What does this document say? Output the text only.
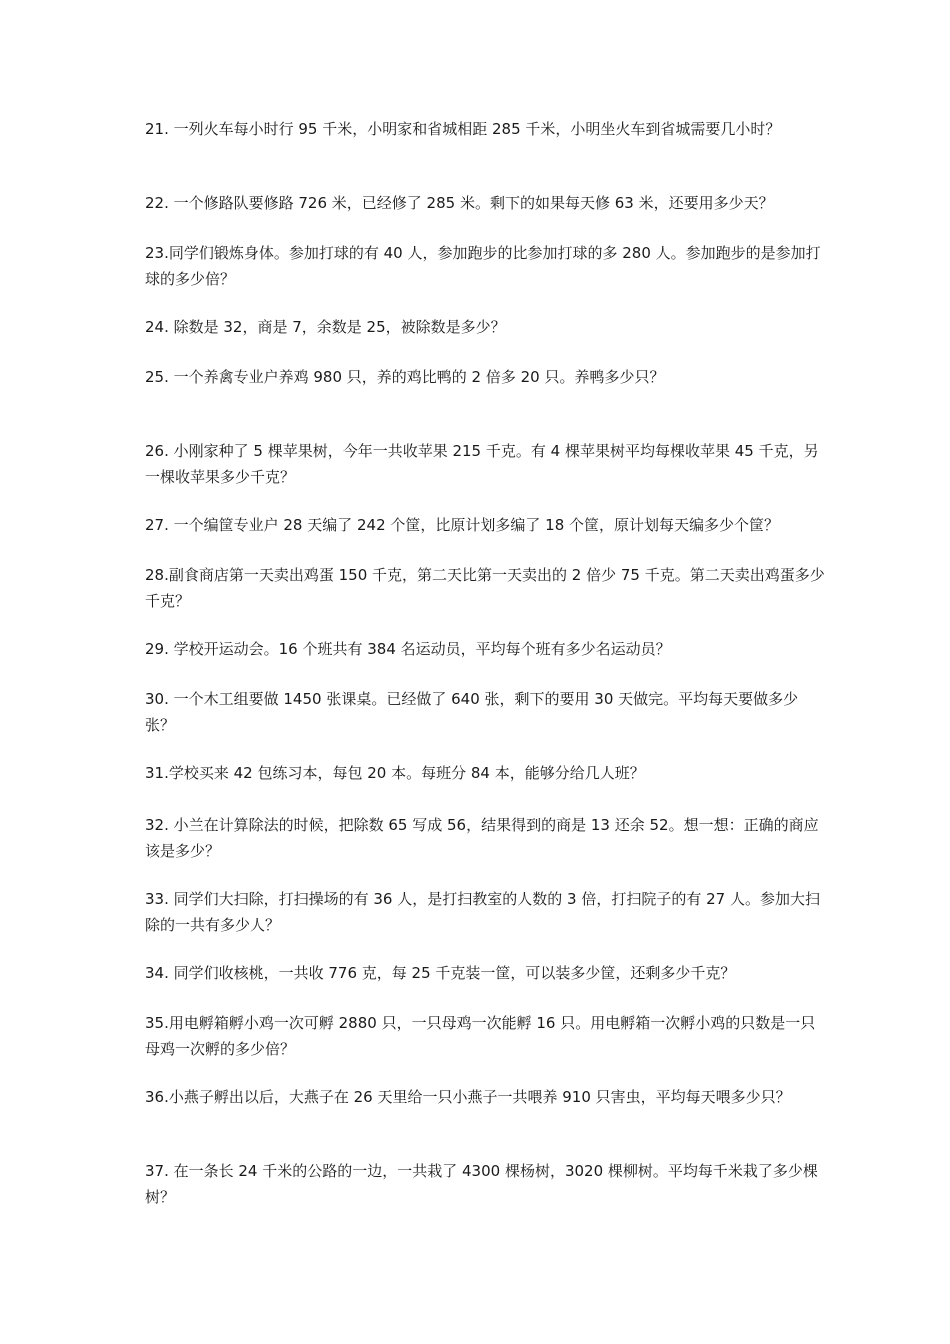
21. 一列火车每小时行 95 千米，小明家和省城相距 285 千米，小明坐火车到省城需要几小时？

22. 一个修路队要修路 726 米，已经修了 285 米。剩下的如果每天修 63 米，还要用多少天？

23.同学们锻炼身体。参加打球的有 40 人，参加跑步的比参加打球的多 280 人。参加跑步的是参加打球的多少倍？

24. 除数是 32，商是 7，余数是 25，被除数是多少？

25. 一个养禽专业户养鸡 980 只，养的鸡比鸭的 2 倍多 20 只。养鸭多少只？

26. 小刚家种了 5 棵苹果树，今年一共收苹果 215 千克。有 4 棵苹果树平均每棵收苹果 45 千克，另一棵收苹果多少千克？

27. 一个编筐专业户 28 天编了 242 个筐，比原计划多编了 18 个筐，原计划每天编多少个筐？

28.副食商店第一天卖出鸡蛋 150 千克，第二天比第一天卖出的 2 倍少 75 千克。第二天卖出鸡蛋多少千克？

29. 学校开运动会。16 个班共有 384 名运动员，平均每个班有多少名运动员？

30. 一个木工组要做 1450 张课桌。已经做了 640 张，剩下的要用 30 天做完。平均每天要做多少张？

31.学校买来 42 包练习本，每包 20 本。每班分 84 本，能够分给几人班？

32. 小兰在计算除法的时候，把除数 65 写成 56，结果得到的商是 13 还余 52。想一想：正确的商应该是多少？

33. 同学们大扫除，打扫操场的有 36 人，是打扫教室的人数的 3 倍，打扫院子的有 27 人。参加大扫除的一共有多少人？

34. 同学们收核桃，一共收 776 克，每 25 千克装一筐，可以装多少筐，还剩多少千克？

35.用电孵箱孵小鸡一次可孵 2880 只，一只母鸡一次能孵 16 只。用电孵箱一次孵小鸡的只数是一只母鸡一次孵的多少倍？

36.小燕子孵出以后，大燕子在 26 天里给一只小燕子一共喂养 910 只害虫，平均每天喂多少只？

37. 在一条长 24 千米的公路的一边，一共栽了 4300 棵杨树，3020 棵柳树。平均每千米栽了多少棵树？
